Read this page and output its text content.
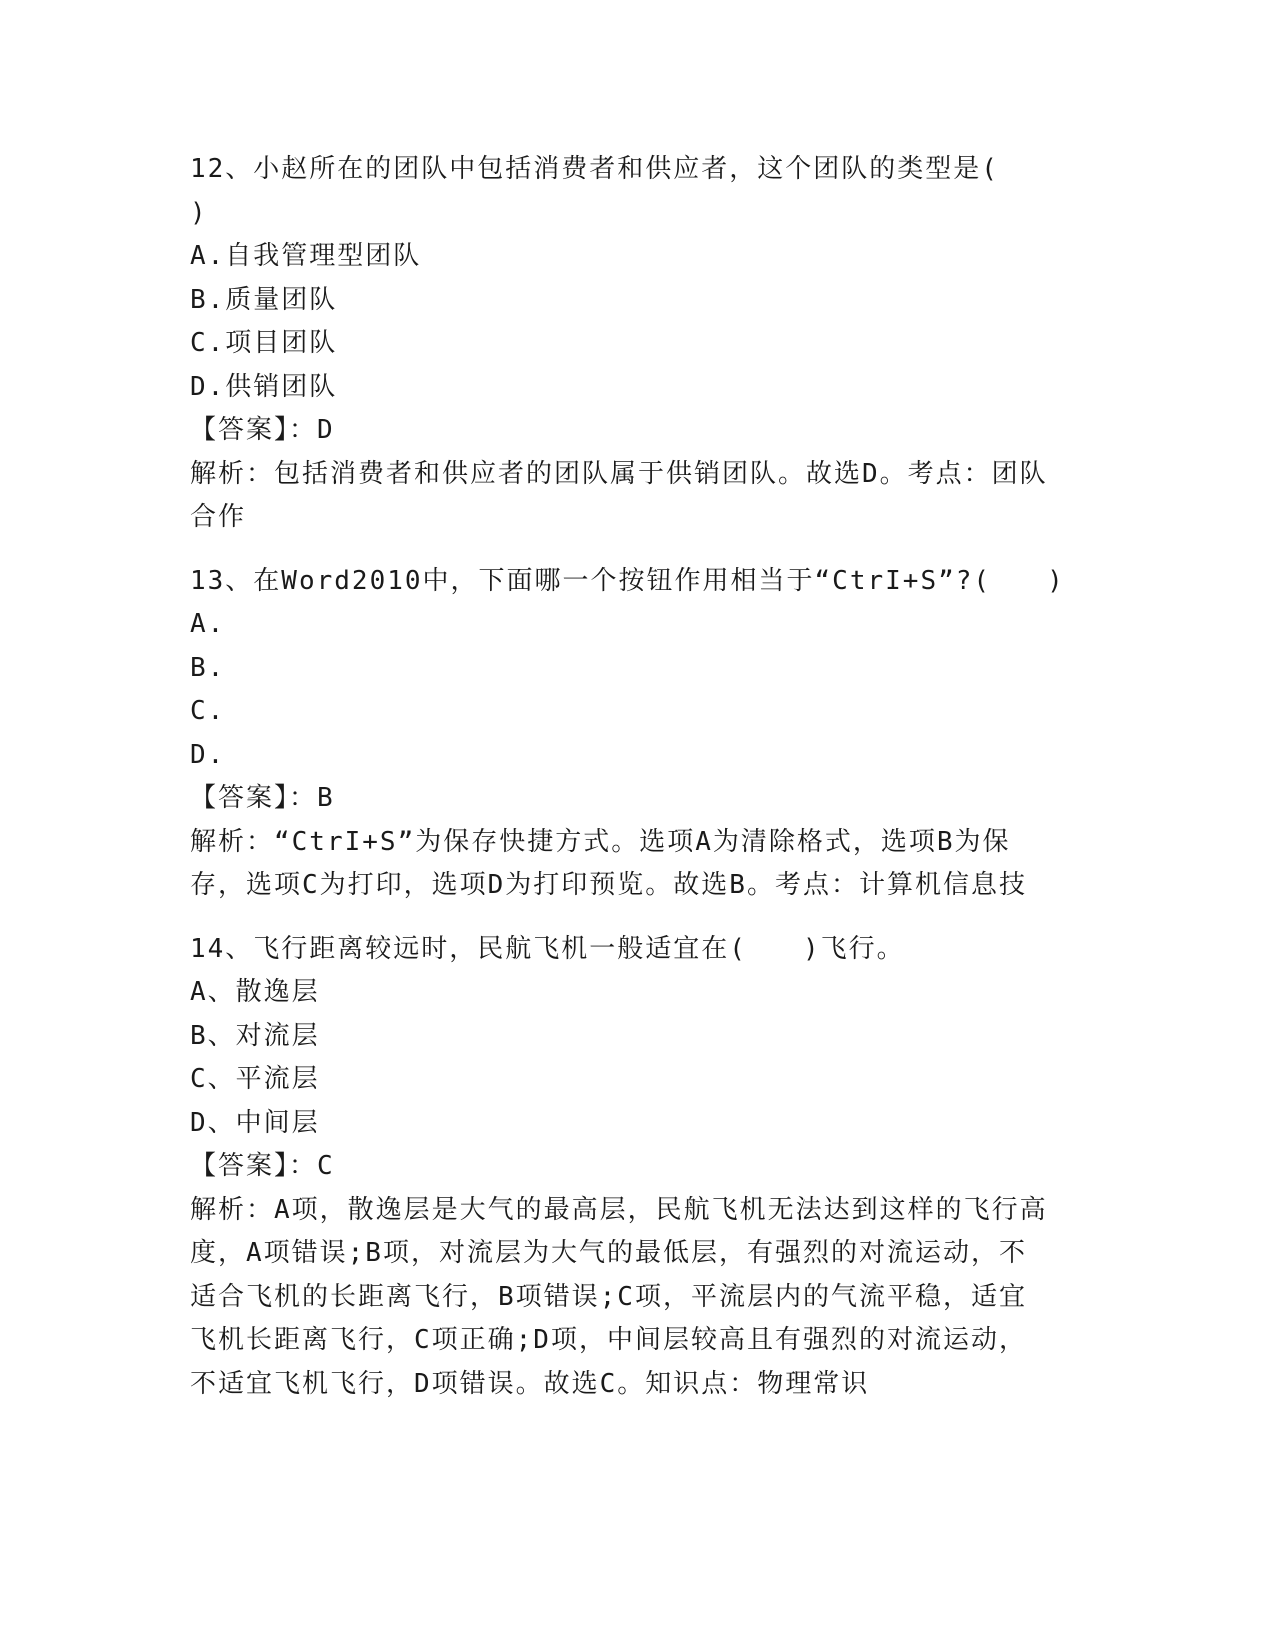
12、小赵所在的团队中包括消费者和供应者，这个团队的类型是(
)
A.自我管理型团队
B.质量团队
C.项目团队
D.供销团队
【答案】：D
解析：包括消费者和供应者的团队属于供销团队。故选D。考点：团队
合作
13、在Word2010中，下面哪一个按钮作用相当于“CtrI+S”?(　　)
A.
B.
C.
D.
【答案】：B
解析：“CtrI+S”为保存快捷方式。选项A为清除格式，选项B为保
存，选项C为打印，选项D为打印预览。故选B。考点：计算机信息技
14、飞行距离较远时，民航飞机一般适宜在(　　)飞行。
A、散逸层
B、对流层
C、平流层
D、中间层
【答案】：C
解析：A项，散逸层是大气的最高层，民航飞机无法达到这样的飞行高
度，A项错误;B项，对流层为大气的最低层，有强烈的对流运动，不
适合飞机的长距离飞行，B项错误;C项，平流层内的气流平稳，适宜
飞机长距离飞行，C项正确;D项，中间层较高且有强烈的对流运动，
不适宜飞机飞行，D项错误。故选C。知识点：物理常识
